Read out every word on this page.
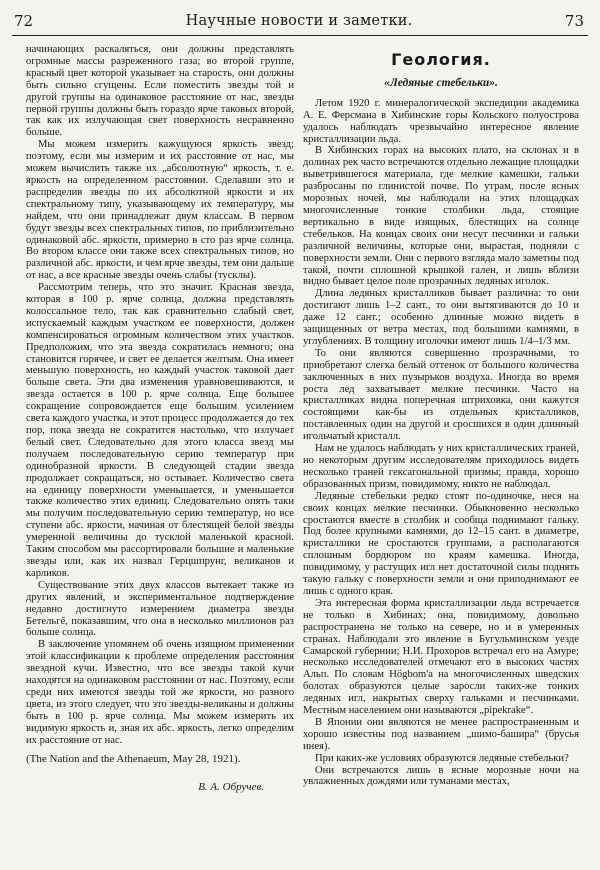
72	Научные новости и заметки.	73

начинающих раскаляться, они должны представлять огромные массы разреженного газа; во второй группе, красный цвет которой указывает на старость, они должны быть сильно сгущены. Если поместить звезды той и другой группы на одинаковое расстояние от нас, звезды первой группы должны быть гораздо ярче таковых второй, так как их излучающая свет поверхность несравненно больше.

Мы можем измерить кажущуюся яркость звезд; поэтому, если мы измерим и их расстояние от нас, мы можем вычислить также их „абсолютную“ яркость, т. е. яркость на определенном расстоянии. Сделавши это и распределив звезды по их абсолютной яркости и их спектральному типу, указывающему их температуру, мы найдем, что они принадлежат двум классам. В первом будут звезды всех спектральных типов, по приблизительно одинаковой абс. яркости, примерно в сто раз ярче солнца. Во втором классе они также всех спектральных типов, но различной абс. яркости, и чем ярче звезды, тем они дальше от нас, а все красные звезды очень слабы (тусклы).

Рассмотрим теперь, что это значит. Красная звезда, которая в 100 р. ярче солнца, должна представлять колоссальное тело, так как сравнительно слабый свет, испускаемый каждым участком ее поверхности, должен компенсироваться огромным количеством этих участков. Предположим, что эта звезда сократилась немного; она становится горячее, и свет ее делается желтым. Она имеет меньшую поверхность, но каждый участок таковой дает больше света. Эти два изменения уравновешиваются, и звезда остается в 100 р. ярче солнца. Еще большее сокращение сопровождается еще большим усилением света каждого участка, и этот процесс продолжается до тех пор, пока звезда не сократится настолько, что излучает белый свет. Следовательно для этого класса звезд мы получаем последовательную серию температур при одинобразной яркости. В следующей стадии звезда продолжает сокращаться, но остывает. Количество света на единицу поверхности уменьшается, и уменьшается также количество этих единиц. Следовательно опять таки мы получим последовательную серию температур, но все ступени абс. яркости, начиная от блестящей белой звезды умеренной величины до тусклой маленькой красной. Таким способом мы рассортировали большие и маленькие звезды или, как их назвал Герцшпрунг, великанов и карликов.

Существование этих двух классов вытекает также из других явлений, и экспериментальное подтверждение недавно достигнуто измерением диаметра звезды Бетельгё, показавшим, что она в несколько миллионов раз больше солнца.

В заключение упомянем об очень изящном применении этой классификации к проблеме определения расстояния звездной кучи. Известно, что все звезды такой кучи находятся на одинаковом расстоянии от нас. Поэтому, если среди них имеются звезды той же яркости, но разного цвета, из этого следует, что это звезды-великаны и должны быть в 100 р. ярче солнца. Мы можем измерить их видимую яркость и, зная их абс. яркость, легко определим их расстояние от нас.

(The Nation and the Athenaeum, May 28, 1921).

В. А. Обручев.

Геология.
«Ледяные стебельки».

Летом 1920 г. минералогической экспедиции академика А. Е. Ферсмана в Хибинские горы Кольского полуострова удалось наблюдать чрезвычайно интересное явление кристаллизации льда.

В Хибинских горах на высоких плато, на склонах и в долинах рек часто встречаются отдельно лежащие площадки выветрившегося материала, где мелкие камешки, гальки разбросаны по глинистой почве. По утрам, после ясных морозных ночей, мы наблюдали на этих площадках многочисленные тонкие столбики льда, стоящие вертикально в виде изящных, блестящих на солнце стебельков. На концах своих они несут песчинки и гальки различной величины, которые они, вырастая, подняли с поверхности земли. Они с первого взгляда мало заметны под такой, почти сплошной крышкой гален, и лишь вблизи видно бывает целое поле прозрачных ледяных иголок.

Длина ледяных кристалликов бывает различна: то они достигают лишь 1–2 сант., то они вытягиваются до 10 и даже 12 сант.; особенно длинные можно видеть в защищенных от ветра местах, под большими камнями, в углублениях. В толщину иголочки имеют лишь 1/4–1/3 мм.

То они являются совершенно прозрачными, то приобретают слегка белый оттенок от большого количества заключенных в них пузырьков воздуха. Иногда во время роста лед захватывает мелкие песчинки. Часто на кристалликах видна поперечная штриховка, они кажутся состоящими как-бы из отдельных кристалликов, поставленных один на другой и сросшихся в один длинный игольчатый кристалл.

Нам не удалось наблюдать у них кристаллических граней, но некоторым другим исследователям приходилось видеть несколько граней гексагональной призмы; правда, хорошо образованных призм, повидимому, никто не наблюдал.

Ледяные стебельки редко стоят по-одиночке, неся на своих концах мелкие песчинки. Обыкновенно несколько сростаются вместе в столбик и сообща поднимают гальку. Под более крупными камнями, до 12–15 сант. в диаметре, кристаллики не сростаются группами, а располагаются сплошным бордюром по краям камешка. Иногда, повидимому, у растущих игл нет достаточной силы поднять такую гальку с поверхности земли и они приподнимают ее лишь с одного края.

Эта интересная форма кристаллизации льда встречается не только в Хибинах; она, повидимому, довольно распространена не только на севере, но и в умеренных странах. Наблюдали это явление в Бугульминском уезде Самарской губернии; Н.И. Прохоров встречал его на Амуре; несколько исследователей отмечают его в высоких частях Альп. По словам Högbom'а на многочисленных шведских болотах образуются целые заросли таких-же тонких ледяных игл, накрытых сверху гальками и песчинками. Местным населением они называются „pipekrake“.

В Японии они являются не менее распространенным и хорошо известны под названием „шимо-башира“ (брусья инея).

При каких-же условиях образуются ледяные стебельки?

Они встречаются лишь в ясные морозные ночи на увлажненных дождями или туманами местах,
